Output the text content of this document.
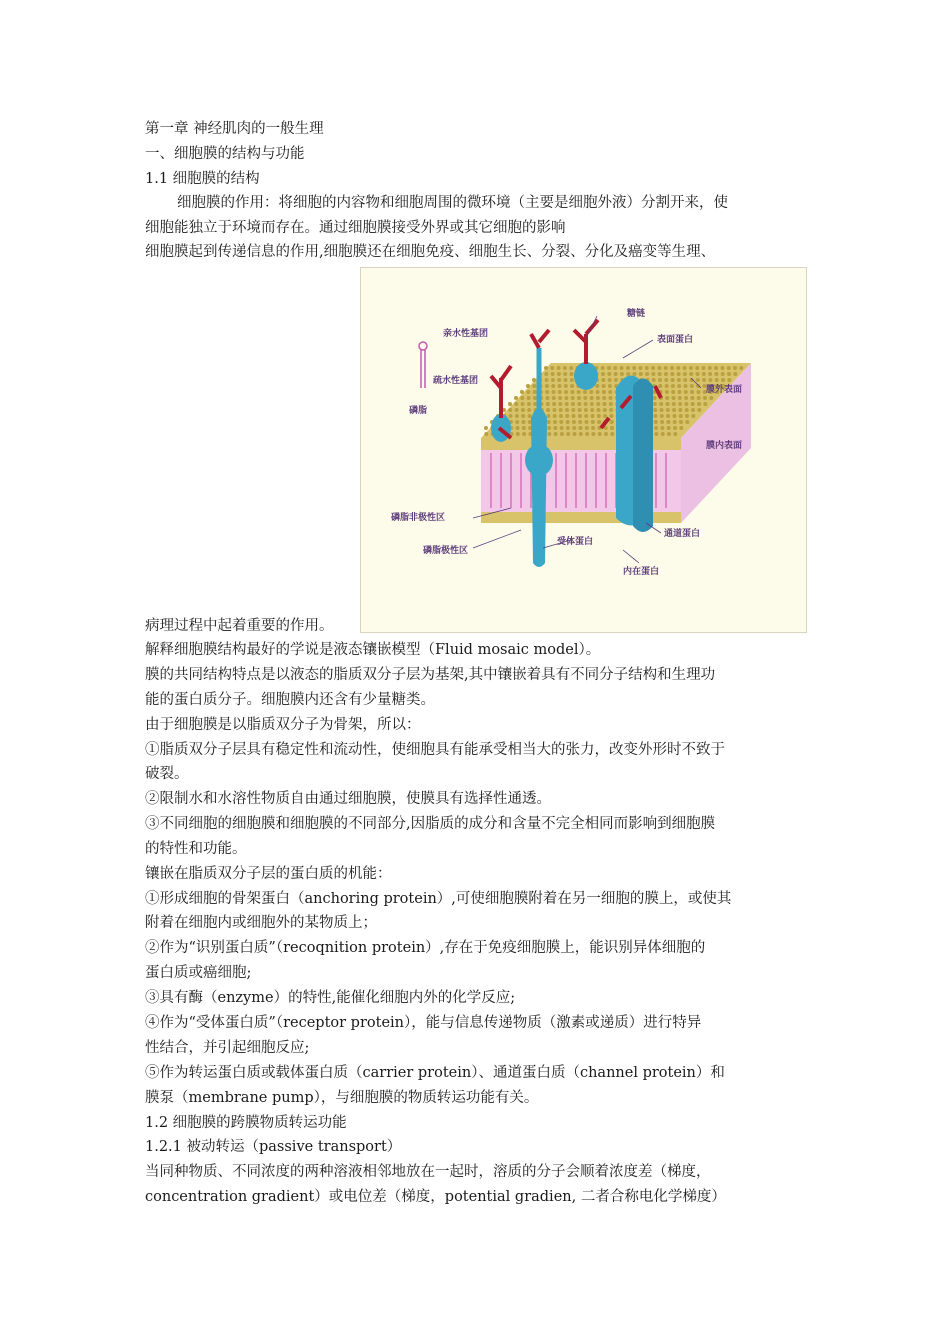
第一章 神经肌肉的一般生理
一、细胞膜的结构与功能
1.1 细胞膜的结构
细胞膜的作用：将细胞的内容物和细胞周围的微环境（主要是细胞外液）分割开来，使
细胞能独立于环境而存在。通过细胞膜接受外界或其它细胞的影响
细胞膜起到传递信息的作用,细胞膜还在细胞免疫、细胞生长、分裂、分化及癌变等生理、
亲水性基团
疏水性基团
磷脂
糖链
表面蛋白
膜外表面
膜内表面
磷脂非极性区
磷脂极性区
受体蛋白
通道蛋白
内在蛋白
病理过程中起着重要的作用。
解释细胞膜结构最好的学说是液态镶嵌模型（Fluid mosaic model）。
膜的共同结构特点是以液态的脂质双分子层为基架,其中镶嵌着具有不同分子结构和生理功
能的蛋白质分子。细胞膜内还含有少量糖类。
由于细胞膜是以脂质双分子为骨架，所以：
①脂质双分子层具有稳定性和流动性，使细胞具有能承受相当大的张力，改变外形时不致于
破裂。
②限制水和水溶性物质自由通过细胞膜，使膜具有选择性通透。
③不同细胞的细胞膜和细胞膜的不同部分,因脂质的成分和含量不完全相同而影响到细胞膜
的特性和功能。
镶嵌在脂质双分子层的蛋白质的机能：
①形成细胞的骨架蛋白（anchoring protein）,可使细胞膜附着在另一细胞的膜上，或使其
附着在细胞内或细胞外的某物质上；
②作为“识别蛋白质”（recoqnition protein）,存在于免疫细胞膜上，能识别异体细胞的
蛋白质或癌细胞;
③具有酶（enzyme）的特性,能催化细胞内外的化学反应;
④作为“受体蛋白质”（receptor protein），能与信息传递物质（激素或递质）进行特异
性结合，并引起细胞反应;
⑤作为转运蛋白质或载体蛋白质（carrier protein）、通道蛋白质（channel protein）和
膜泵（membrane pump），与细胞膜的物质转运功能有关。
1.2 细胞膜的跨膜物质转运功能
1.2.1 被动转运（passive transport）
当同种物质、不同浓度的两种溶液相邻地放在一起时，溶质的分子会顺着浓度差（梯度，
concentration gradient）或电位差（梯度，potential gradien, 二者合称电化学梯度）
